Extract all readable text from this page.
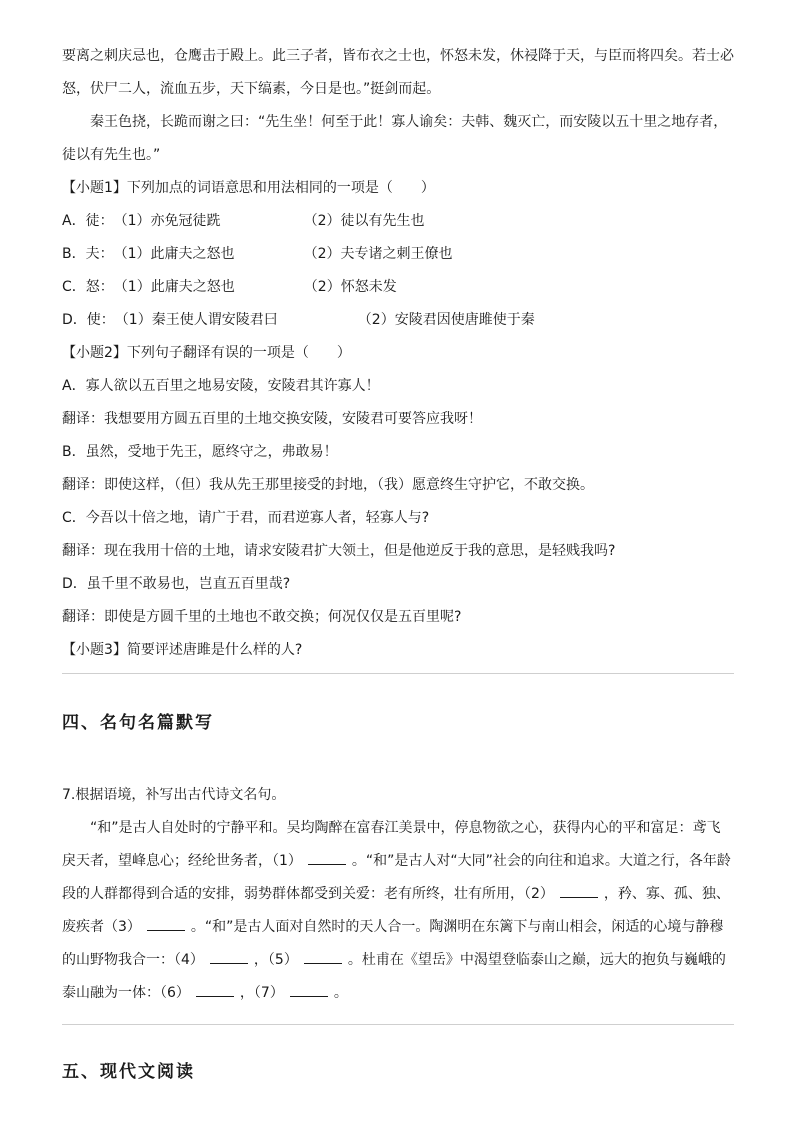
要离之刺庆忌也，仓鹰击于殿上。此三子者，皆布衣之士也，怀怒未发，休祲降于天，与臣而将四矣。若士必
怒，伏尸二人，流血五步，天下缟素，今日是也。”挺剑而起。
秦王色挠，长跪而谢之曰：“先生坐！何至于此！寡人谕矣：夫韩、魏灭亡，而安陵以五十里之地存者，
徒以有先生也。”
【小题1】下列加点的词语意思和用法相同的一项是（　　）
A．徒：（1）亦免冠徒跣	（2）徒以有先生也
B．夫：（1）此庸夫之怒也	（2）夫专诸之刺王僚也
C．怒：（1）此庸夫之怒也	（2）怀怒未发
D．使：（1）秦王使人谓安陵君曰	（2）安陵君因使唐雎使于秦
【小题2】下列句子翻译有误的一项是（　　）
A．寡人欲以五百里之地易安陵，安陵君其许寡人！
翻译：我想要用方圆五百里的土地交换安陵，安陵君可要答应我呀！
B．虽然，受地于先王，愿终守之，弗敢易！
翻译：即使这样，（但）我从先王那里接受的封地，（我）愿意终生守护它，不敢交换。
C．今吾以十倍之地，请广于君，而君逆寡人者，轻寡人与?
翻译：现在我用十倍的土地，请求安陵君扩大领土，但是他逆反于我的意思，是轻贱我吗?
D．虽千里不敢易也，岂直五百里哉?
翻译：即使是方圆千里的土地也不敢交换；何况仅仅是五百里呢?
【小题3】简要评述唐雎是什么样的人?
四、名句名篇默写
7.根据语境，补写出古代诗文名句。
“和”是古人自处时的宁静平和。吴均陶醉在富春江美景中，停息物欲之心，获得内心的平和富足：鸢飞戾天者，望峰息心；经纶世务者，（1）	。“和”是古人对“大同”社会的向往和追求。大道之行，各年龄段的人群都得到合适的安排，弱势群体都受到关爱：老有所终，壮有所用，（2）	，矜、寡、孤、独、废疾者（3）	。“和”是古人面对自然时的天人合一。陶渊明在东篱下与南山相会，闲适的心境与静穆的山野物我合一：（4）	，（5）	。杜甫在《望岳》中渴望登临泰山之巅，远大的抱负与巍峨的泰山融为一体：（6）	，（7）	。
五、现代文阅读
